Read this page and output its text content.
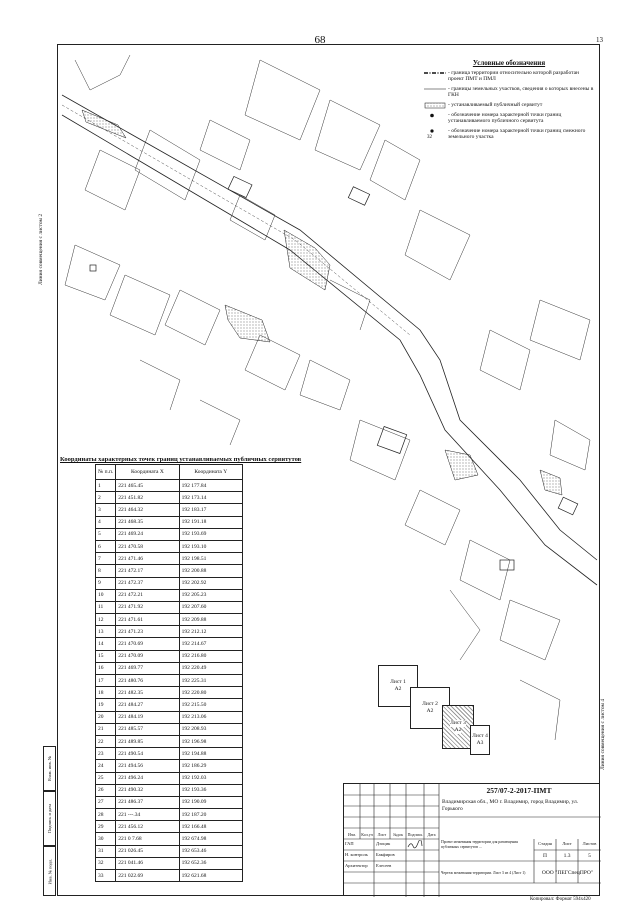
68	13
Условные обозначения
- граница территории относительно которой разработан проект ПМТ и ПМЛ
- границы земельных участков, сведения о которых внесены в ГКН
- устанавливаемый публичный сервитут
- обозначение номера характерной точки границ устанавливаемого публичного сервитута
32
- обозначение номера характерной точки границ смежного земельного участка
Линия совмещения с листом 2
Линия совмещения с листом 4
Координаты характерных точек границ устанавливаемых публичных сервитутов
№ п.п.	Координата X	Координата Y
1	221 465.45	192 177.84
2	221 451.82	192 173.14
3	221 464.32	192 183.17
4	221 468.35	192 191.18
5	221 469.24	192 193.69
6	221 470.58	192 193.10
7	221 471.46	192 198.51
8	221 472.17	192 200.88
9	221 472.37	192 202.92
10	221 472.21	192 205.23
11	221 471.92	192 207.60
12	221 471.61	192 209.88
13	221 471.23	192 212.12
14	221 470.69	192 214.67
15	221 470.09	192 216.80
16	221 469.77	192 220.49
17	221 480.76	192 225.31
18	221 482.35	192 220.80
19	221 484.27	192 215.50
20	221 484.19	192 213.06
21	221 485.57	192 208.93
22	221 489.85	192 196.98
23	221 490.54	192 194.88
24	221 494.56	192 186.29
25	221 496.24	192 192.03
26	221 490.32	192 193.36
27	221 486.37	192 190.09
28	221 ---.34	192 187.20
29	221 456.12	192 166.48
30	221 0 7.68	192 674.98
31	221 026.45	192 653.46
32	221 041.46	192 652.36
33	221 022.69	192 621.68
Взам. инв. №
Подпись и дата
Инв. № подл.
Лист 1
А2
Лист 2
А2
Лист 3
А2
Лист 4
А3
257/07-2-2017-ПМТ
Владимирская обл., МО г. Владимир, город Владимир, ул. Горького
Изм.	Кол.уч	Лист	№док	Подпись	Дата
ГАП	Дзоцик
Н. контроль	Бакфиров
Архитектор	Елесеев
Проект межевания территории для размещения публичных сервитутов ...
Чертеж межевания территории. Лист 3 из 4 (Лист 1)
Стадия	Лист	Листов
П	1.3	5
ООО "ПЕГСпецПРО"
Копировал: Формат 594x420
